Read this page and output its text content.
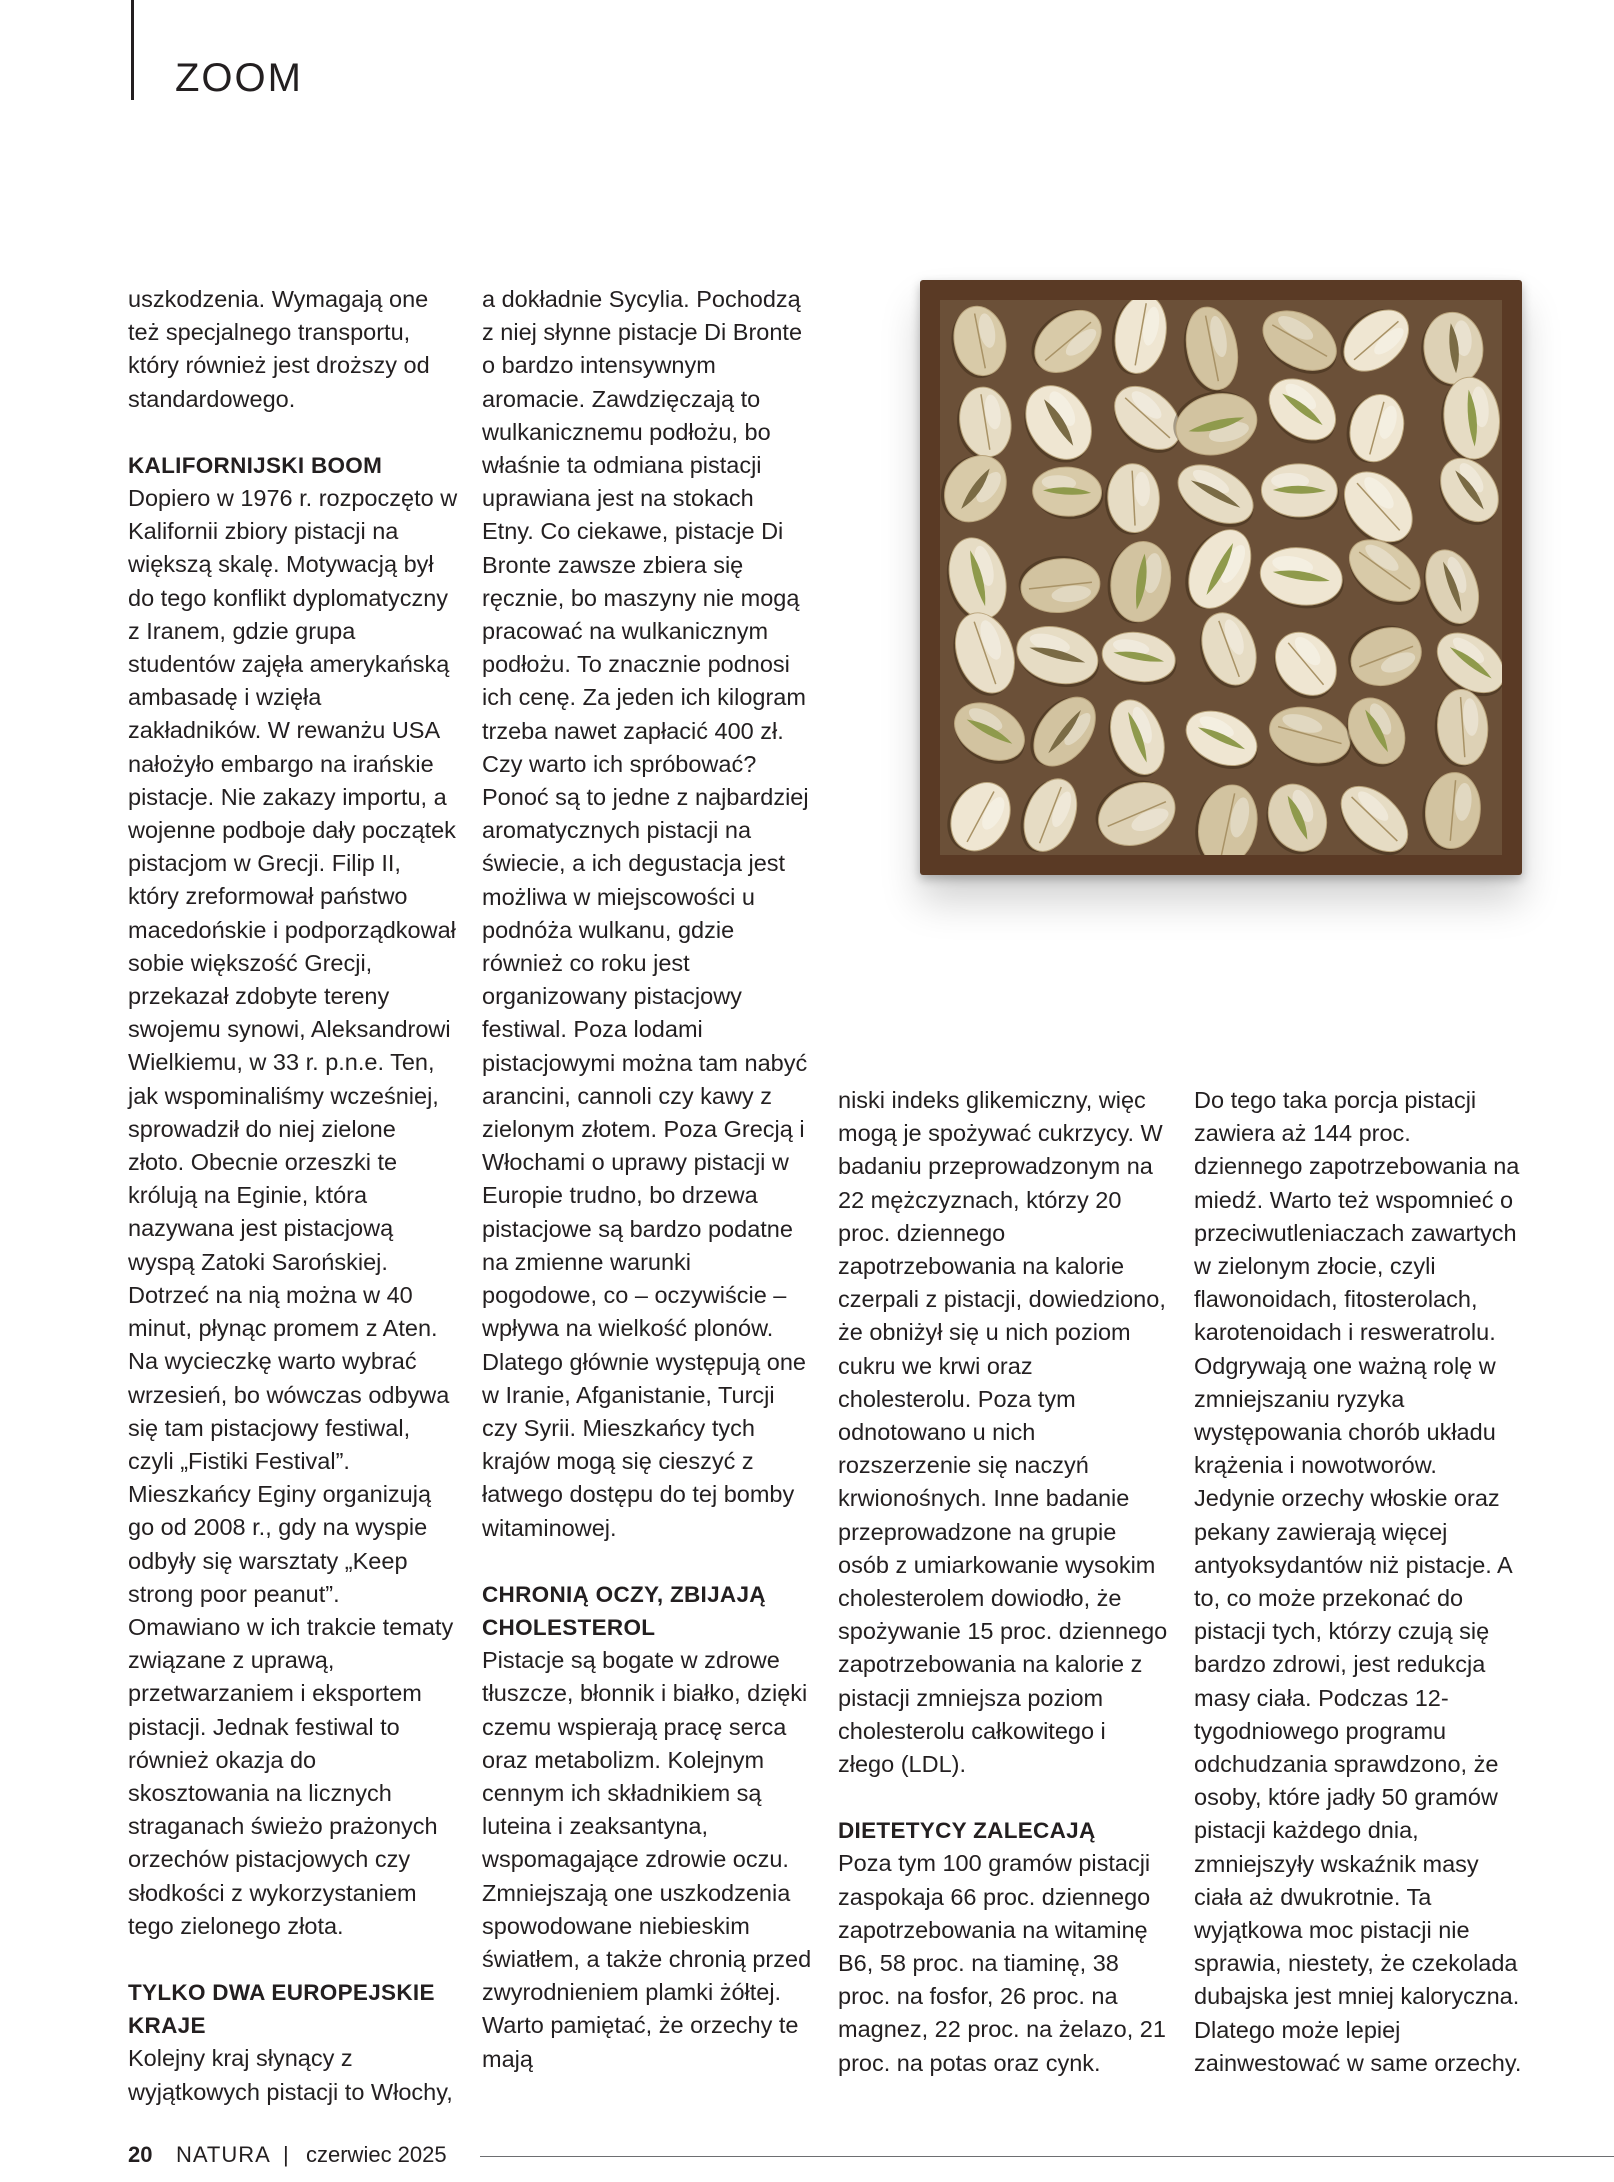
ZOOM

uszkodzenia. Wymagają one też specjalnego transportu, który również jest droższy od standardowego.

KALIFORNIJSKI BOOM

Dopiero w 1976 r. rozpoczęto w Kalifornii zbiory pistacji na większą skalę. Motywacją był do tego konflikt dyplomatyczny z Iranem, gdzie grupa studentów zajęła amerykańską ambasadę i wzięła zakładników. W rewanżu USA nałożyło embargo na irańskie pistacje. Nie zakazy importu, a wojenne podboje dały początek pistacjom w Grecji. Filip II, który zreformował państwo macedońskie i podporządkował sobie większość Grecji, przekazał zdobyte tereny swojemu synowi, Aleksandrowi Wielkiemu, w 33 r. p.n.e. Ten, jak wspominaliśmy wcześniej, sprowadził do niej zielone złoto. Obecnie orzeszki te królują na Eginie, która nazywana jest pistacjową wyspą Zatoki Sarońskiej. Dotrzeć na nią można w 40 minut, płynąc promem z Aten. Na wycieczkę warto wybrać wrzesień, bo wówczas odbywa się tam pistacjowy festiwal, czyli „Fistiki Festival”. Mieszkańcy Eginy organizują go od 2008 r., gdy na wyspie odbyły się warsztaty „Keep strong poor peanut”. Omawiano w ich trakcie tematy związane z uprawą, przetwarzaniem i eksportem pistacji. Jednak festiwal to również okazja do skosztowania na licznych straganach świeżo prażonych orzechów pistacjowych czy słodkości z wykorzystaniem tego zielonego złota.

TYLKO DWA EUROPEJSKIE KRAJE

Kolejny kraj słynący z wyjątkowych pistacji to Włochy,

a dokładnie Sycylia. Pochodzą z niej słynne pistacje Di Bronte o bardzo intensywnym aromacie. Zawdzięczają to wulkanicznemu podłożu, bo właśnie ta odmiana pistacji uprawiana jest na stokach Etny. Co ciekawe, pistacje Di Bronte zawsze zbiera się ręcznie, bo maszyny nie mogą pracować na wulkanicznym podłożu. To znacznie podnosi ich cenę. Za jeden ich kilogram trzeba nawet zapłacić 400 zł. Czy warto ich spróbować? Ponoć są to jedne z najbardziej aromatycznych pistacji na świecie, a ich degustacja jest możliwa w miejscowości u podnóża wulkanu, gdzie również co roku jest organizowany pistacjowy festiwal. Poza lodami pistacjowymi można tam nabyć arancini, cannoli czy kawy z zielonym złotem. Poza Grecją i Włochami o uprawy pistacji w Europie trudno, bo drzewa pistacjowe są bardzo podatne na zmienne warunki pogodowe, co – oczywiście – wpływa na wielkość plonów. Dlatego głównie występują one w Iranie, Afganistanie, Turcji czy Syrii. Mieszkańcy tych krajów mogą się cieszyć z łatwego dostępu do tej bomby witaminowej.

CHRONIĄ OCZY, ZBIJAJĄ CHOLESTEROL

Pistacje są bogate w zdrowe tłuszcze, błonnik i białko, dzięki czemu wspierają pracę serca oraz metabolizm. Kolejnym cennym ich składnikiem są luteina i zeaksantyna, wspomagające zdrowie oczu. Zmniejszają one uszkodzenia spowodowane niebieskim światłem, a także chronią przed zwyrodnieniem plamki żółtej. Warto pamiętać, że orzechy te mają

niski indeks glikemiczny, więc mogą je spożywać cukrzycy. W badaniu przeprowadzonym na 22 mężczyznach, którzy 20 proc. dziennego zapotrzebowania na kalorie czerpali z pistacji, dowiedziono, że obniżył się u nich poziom cukru we krwi oraz cholesterolu. Poza tym odnotowano u nich rozszerzenie się naczyń krwionośnych. Inne badanie przeprowadzone na grupie osób z umiarkowanie wysokim cholesterolem dowiodło, że spożywanie 15 proc. dziennego zapotrzebowania na kalorie z pistacji zmniejsza poziom cholesterolu całkowitego i złego (LDL).

DIETETYCY ZALECAJĄ

Poza tym 100 gramów pistacji zaspokaja 66 proc. dziennego zapotrzebowania na witaminę B6, 58 proc. na tiaminę, 38 proc. na fosfor, 26 proc. na magnez, 22 proc. na żelazo, 21 proc. na potas oraz cynk.

Do tego taka porcja pistacji zawiera aż 144 proc. dziennego zapotrzebowania na miedź. Warto też wspomnieć o przeciwutleniaczach zawartych w zielonym złocie, czyli flawonoidach, fitosterolach, karotenoidach i resweratrolu. Odgrywają one ważną rolę w zmniejszaniu ryzyka występowania chorób układu krążenia i nowotworów. Jedynie orzechy włoskie oraz pekany zawierają więcej antyoksydantów niż pistacje. A to, co może przekonać do pistacji tych, którzy czują się bardzo zdrowi, jest redukcja masy ciała. Podczas 12-tygodniowego programu odchudzania sprawdzono, że osoby, które jadły 50 gramów pistacji każdego dnia, zmniejszyły wskaźnik masy ciała aż dwukrotnie. Ta wyjątkowa moc pistacji nie sprawia, niestety, że czekolada dubajska jest mniej kaloryczna. Dlatego może lepiej zainwestować w same orzechy.

20 NATURA | czerwiec 2025
